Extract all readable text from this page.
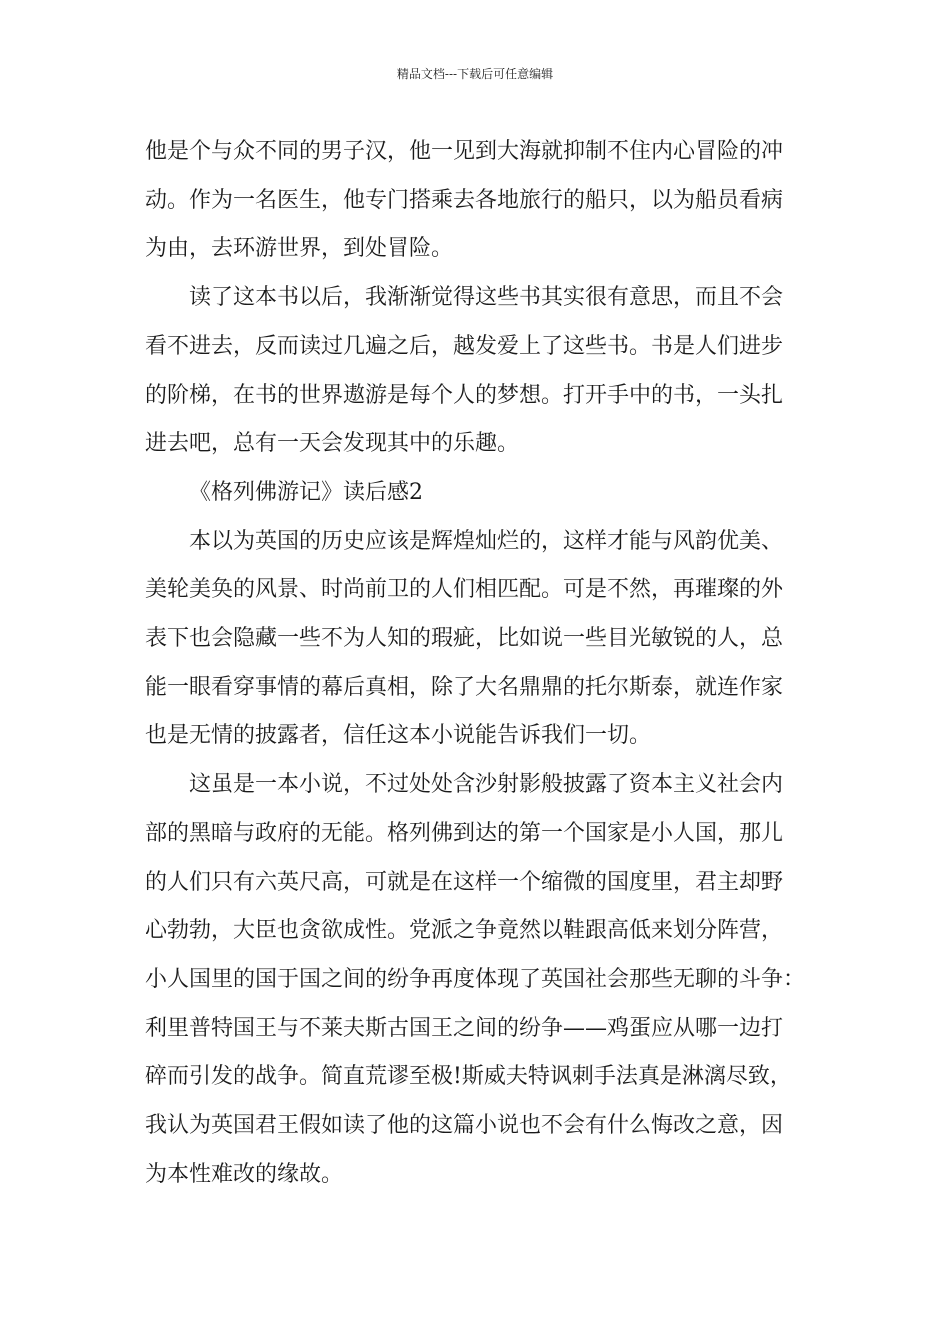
精品文档---下载后可任意编辑

他是个与众不同的男子汉，他一见到大海就抑制不住内心冒险的冲
动。作为一名医生，他专门搭乘去各地旅行的船只，以为船员看病
为由，去环游世界，到处冒险。

读了这本书以后，我渐渐觉得这些书其实很有意思，而且不会
看不进去，反而读过几遍之后，越发爱上了这些书。书是人们进步
的阶梯，在书的世界遨游是每个人的梦想。打开手中的书，一头扎
进去吧，总有一天会发现其中的乐趣。

《格列佛游记》读后感2

本以为英国的历史应该是辉煌灿烂的，这样才能与风韵优美、
美轮美奂的风景、时尚前卫的人们相匹配。可是不然，再璀璨的外
表下也会隐藏一些不为人知的瑕疵，比如说一些目光敏锐的人，总
能一眼看穿事情的幕后真相，除了大名鼎鼎的托尔斯泰，就连作家
也是无情的披露者，信任这本小说能告诉我们一切。

这虽是一本小说，不过处处含沙射影般披露了资本主义社会内
部的黑暗与政府的无能。格列佛到达的第一个国家是小人国，那儿
的人们只有六英尺高，可就是在这样一个缩微的国度里，君主却野
心勃勃，大臣也贪欲成性。党派之争竟然以鞋跟高低来划分阵营，
小人国里的国于国之间的纷争再度体现了英国社会那些无聊的斗争：
利里普特国王与不莱夫斯古国王之间的纷争——鸡蛋应从哪一边打
碎而引发的战争。简直荒谬至极!斯威夫特讽刺手法真是淋漓尽致，
我认为英国君王假如读了他的这篇小说也不会有什么悔改之意，因
为本性难改的缘故。
